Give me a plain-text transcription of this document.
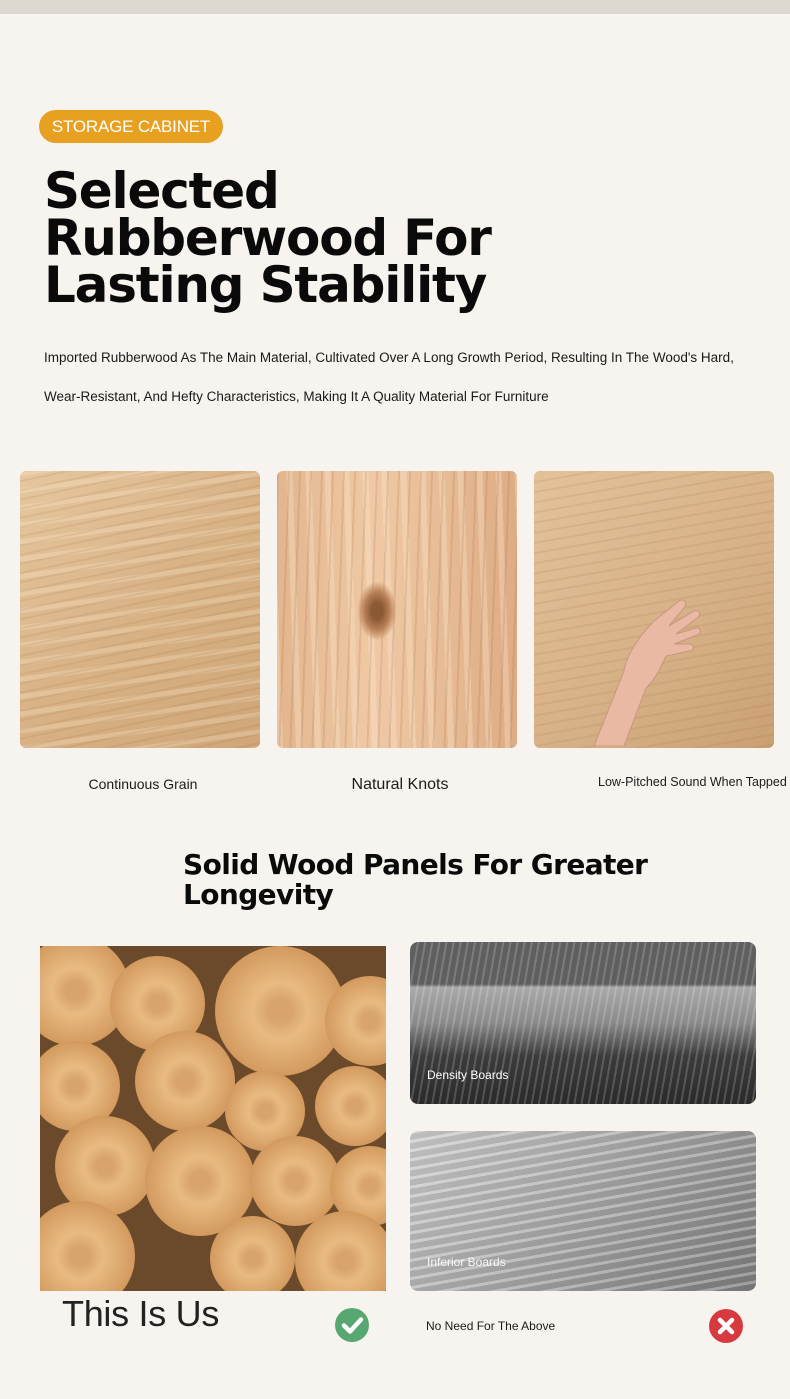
STORAGE CABINET
Selected Rubberwood For Lasting Stability

Imported Rubberwood As The Main Material, Cultivated Over A Long Growth Period, Resulting In The Wood's Hard, Wear-Resistant, And Hefty Characteristics, Making It A Quality Material For Furniture

Continuous Grain	Natural Knots	Low-Pitched Sound When Tapped
Solid Wood Panels For Greater Longevity
Density Boards
Inferior Boards
This Is Us	No Need For The Above
